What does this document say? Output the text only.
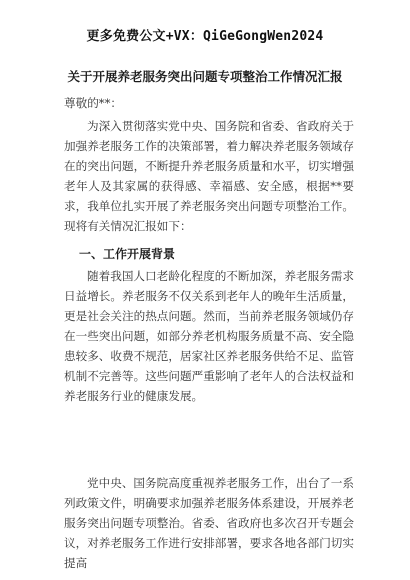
更多免费公文+VX：QiGeGongWen2024
关于开展养老服务突出问题专项整治工作情况汇报
尊敬的**：
为深入贯彻落实党中央、国务院和省委、省政府关于加强养老服务工作的决策部署，着力解决养老服务领域存在的突出问题，不断提升养老服务质量和水平，切实增强老年人及其家属的获得感、幸福感、安全感，根据**要求，我单位扎实开展了养老服务突出问题专项整治工作。现将有关情况汇报如下：
一、工作开展背景
随着我国人口老龄化程度的不断加深，养老服务需求日益增长。养老服务不仅关系到老年人的晚年生活质量，更是社会关注的热点问题。然而，当前养老服务领域仍存在一些突出问题，如部分养老机构服务质量不高、安全隐患较多、收费不规范，居家社区养老服务供给不足、监管机制不完善等。这些问题严重影响了老年人的合法权益和养老服务行业的健康发展。
党中央、国务院高度重视养老服务工作，出台了一系列政策文件，明确要求加强养老服务体系建设，开展养老服务突出问题专项整治。省委、省政府也多次召开专题会议，对养老服务工作进行安排部署，要求各地各部门切实提高
